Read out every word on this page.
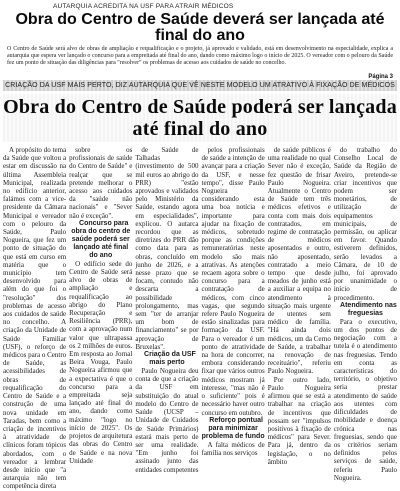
AUTARQUIA ACREDITA NA USF PARA ATRAIR MÉDICOS
Obra do Centro de Saúde deverá ser lançada até final do ano
O Centro de Saúde será alvo de obras de ampliação e requalificação e o projeto, já aprovado e validado, está em desenvolvimento na especialidade, explica a autarquia que espera ver lançado o concurso para a empreitada até final do ano, dando como máximo logo o início de 2025. O vereador com o pelouro da Saúde fez um ponto de situação das diligências para "resolver" os problemas de acesso aos cuidados de saúde no concelho.
Página 3
CRIAÇÃO DA USF MAIS PERTO, DIZ AUTARQUIA QUE VÊ NESTE MODELO UM ATRATIVO À FIXAÇÃO DE MÉDICOS
Obra do Centro de Saúde poderá ser lançada até final do ano

A propósito do tema da Saúde que voltou a estar em discussão na última Assembleia Municipal, realizada no edifício anterior, falámos com a vice-presidente da Câmara Municipal e vereador com o pelouro da Saúde, Paulo Nogueira, que fez um ponto de situação do que está em curso em matéria que o município tem desenvolvido para além do que foi o "resolução" dos problemas de acesso aos cuidados de saúde no concelho. A criação da Unidade de Saúde Familiar (USF), o reforço de médicos para o Centro de Saúde, as acessibilidades de obras de requalificação do Centro de Saúde e a construção de uma nova unidade em Taradas, bem como a criação de incentivos à atratividade de clínicos foram tópicos abordados, com o vereador a lembrar desde início que "a autarquia não tem competência direta

sobre os profissionais de saúde do Centro de Saúde" e realçar que se pretende melhorar o acesso aos cuidados da "saúde não nacionais" e "Sever não é exceção".

Concurso para obra do centro de saúde poderá ser lançado até final do ano

O edifício sede do Centro de Saúde será alvo de obras de ampliação e requalificação ao abrigo do Plano Recuperação e Resiliência (PRR), com a aprovação num valor que ultrapassa os 2 milhões de euros. Em resposta ao Jornal Beira Vouga, Paulo Nogueira afirmou que a expectativa é que o concurso para a empreitada seja lançado até final do ano, dando como máximo "logo no início de 2025". Os projetos de arquitetura das obras do Centro de Saúde e na nova Unidade

de Saúde de Talhadas (investimento de 500 mil euros ao abrigo do PRR) "estão aprovados e validados pelo Ministério da Saúde, estando agora em especialidades", explicou. O autarca recordou que as diretrizes do PRR dão como data para as obras, concluído em junho de 2026, e a nesse prazo que se focam, contudo não descarta a possibilidade prolongamento, mas sem "ter de arranjar um bom de financiamento" se por aprovação de Bruxelas".

Criação da USF mais perto

Paulo Nogueira deu conta de que a criação da USF em substituição do atual modelo do Centro de Saúde (UCSP – Unidade de Cuidados de Saúde Primários) estará mais perto de ser uma realidade. "Em junho foi assinado junto das entidades competentes

pelos profissionais de saúde a intenção de avançar para a criação da USF, e nesse tempo", disse Paulo Nogueira considerando esta uma boa notícia e importante para ajudar na fixação de médicos, sobretudo porque as condições remuneratórias neste modelo são mais atrativas. As atenções recaem agora sobre o concurso para a contratação de médicos, com cinco vagas, que segundo refere Paulo Nogueira estão sinalizadas para formação da USF. Para o vereador é um ponto de atratividade na hora de concorrer, embora considerando fixar que vários outros médicos mostram já interesse, "mas não é o suficiente" pois é necessário haver outro concurso em outubro.

Reforço pontual para minimizar problema de fundo

A falta médicos de família nos serviços

de saúde públicos é uma realidade no qual Sever não é exceção, fez questão de frisar Paulo Nogueira. Atualmente o Centro de Saúde tem três médicos efetivos e conta com mais dois contratados, em regime de contratação de médicos aposentados e outro, não aposentado, contratado a meio tempo que desde meados de junho está a auxiliar a equipa no atendimento à situação mais urgente de utentes sem médico de família. "Há ainda dois médicos, um da Cerno de Saúde, a trabalhar na renovação de receituário", referiu Paulo Nogueira.

Por outro lado, Paulo Nogueira afirmou que se está a trabalhar na criação de incentivos que possam ser "impulsos positivos à fixação de médicos" para Sever. Para já, dentro da legislação, o no âmbito

do trabalho do Conselho Local de Saúde da Região de Aveiro, pretende-se criar incentivos que podem ser monetários, de utilização de equipamentos municipais, de permissão, ou aplicar em favor. Quando estiverem definidos, serão levados a Câmara, de 10 de julho, foi aprovado por unanimidade o início de procedimento.

Atendimento nas freguesias

Para o executivo, um dos pontos de negociação com a tutela é o atendimento nas freguesias. Tendo em conta as características do território, o objetivo seria prestar atendimento de saúde aos utentes com dificuldades de mobilidade e doença crónica nas freguesias, sendo que os critérios seriam definidos pelos serviços de saúde, referiu Paulo Nogueira.
